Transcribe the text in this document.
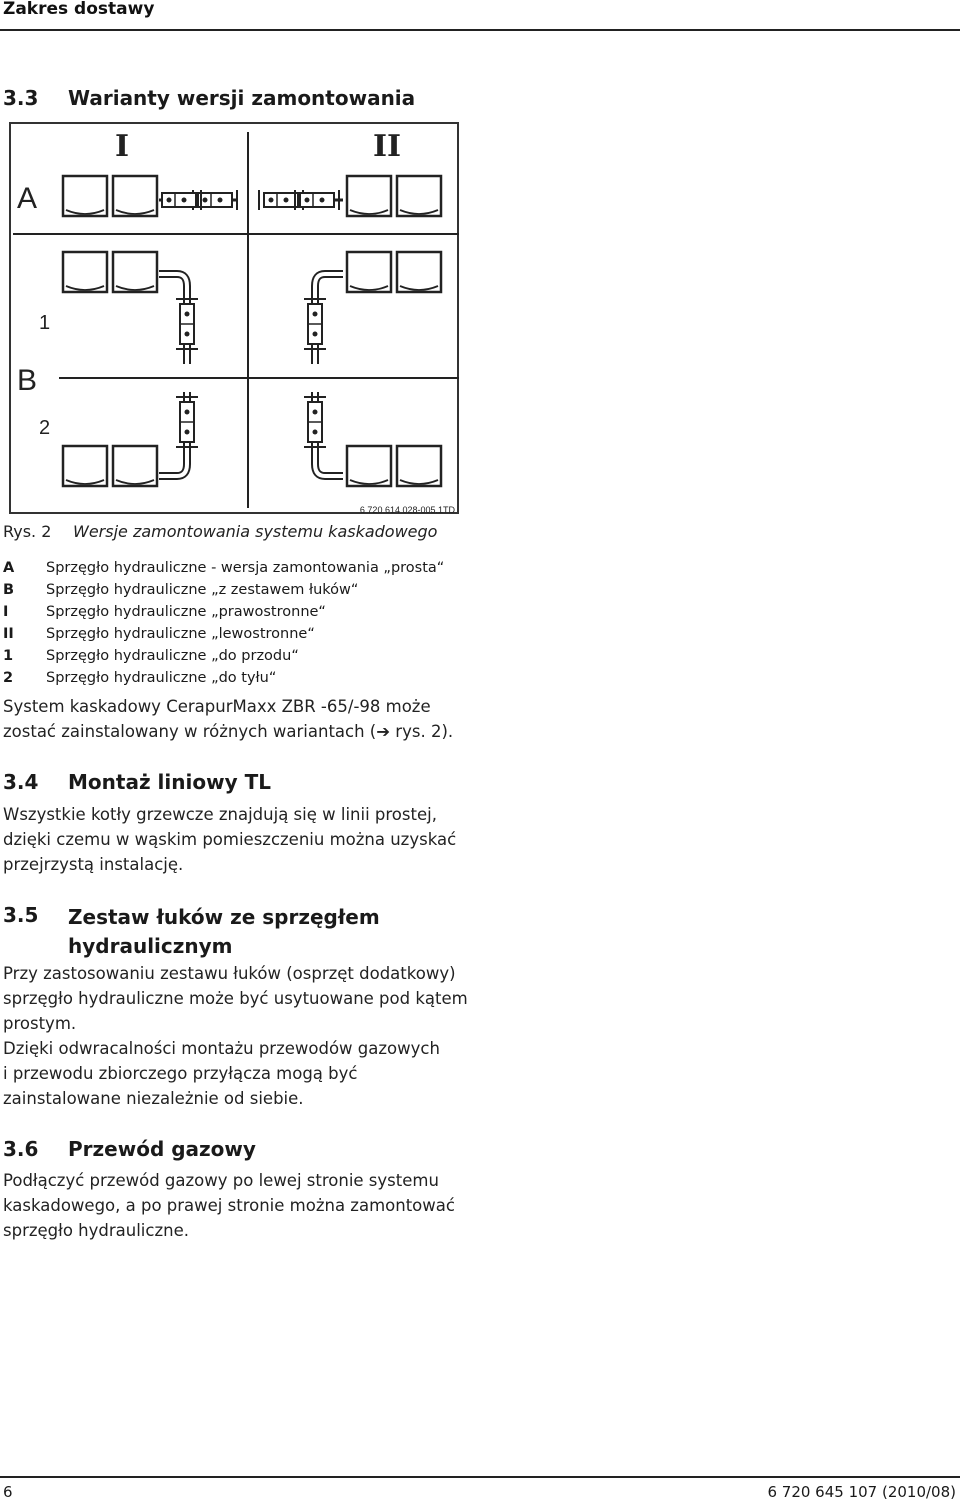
Zakres dostawy
3.3 Warianty wersji zamontowania
I	II
A
B
1
2
6 720 614 028-005.1TD
Rys. 2 Wersje zamontowania systemu kaskadowego
A	Sprzęgło hydrauliczne - wersja zamontowania „prosta“
B	Sprzęgło hydrauliczne „z zestawem łuków“
I	Sprzęgło hydrauliczne „prawostronne“
II	Sprzęgło hydrauliczne „lewostronne“
1	Sprzęgło hydrauliczne „do przodu“
2	Sprzęgło hydrauliczne „do tyłu“
System kaskadowy CerapurMaxx ZBR -65/-98 może
zostać zainstalowany w różnych wariantach (➔ rys. 2).
3.4 Montaż liniowy TL
Wszystkie kotły grzewcze znajdują się w linii prostej,
dzięki czemu w wąskim pomieszczeniu można uzyskać
przejrzystą instalację.
3.5 Zestaw łuków ze sprzęgłem
hydraulicznym
Przy zastosowaniu zestawu łuków (osprzęt dodatkowy)
sprzęgło hydrauliczne może być usytuowane pod kątem
prostym.
Dzięki odwracalności montażu przewodów gazowych
i przewodu zbiorczego przyłącza mogą być
zainstalowane niezależnie od siebie.
3.6 Przewód gazowy
Podłączyć przewód gazowy po lewej stronie systemu
kaskadowego, a po prawej stronie można zamontować
sprzęgło hydrauliczne.
6	6 720 645 107 (2010/08)
